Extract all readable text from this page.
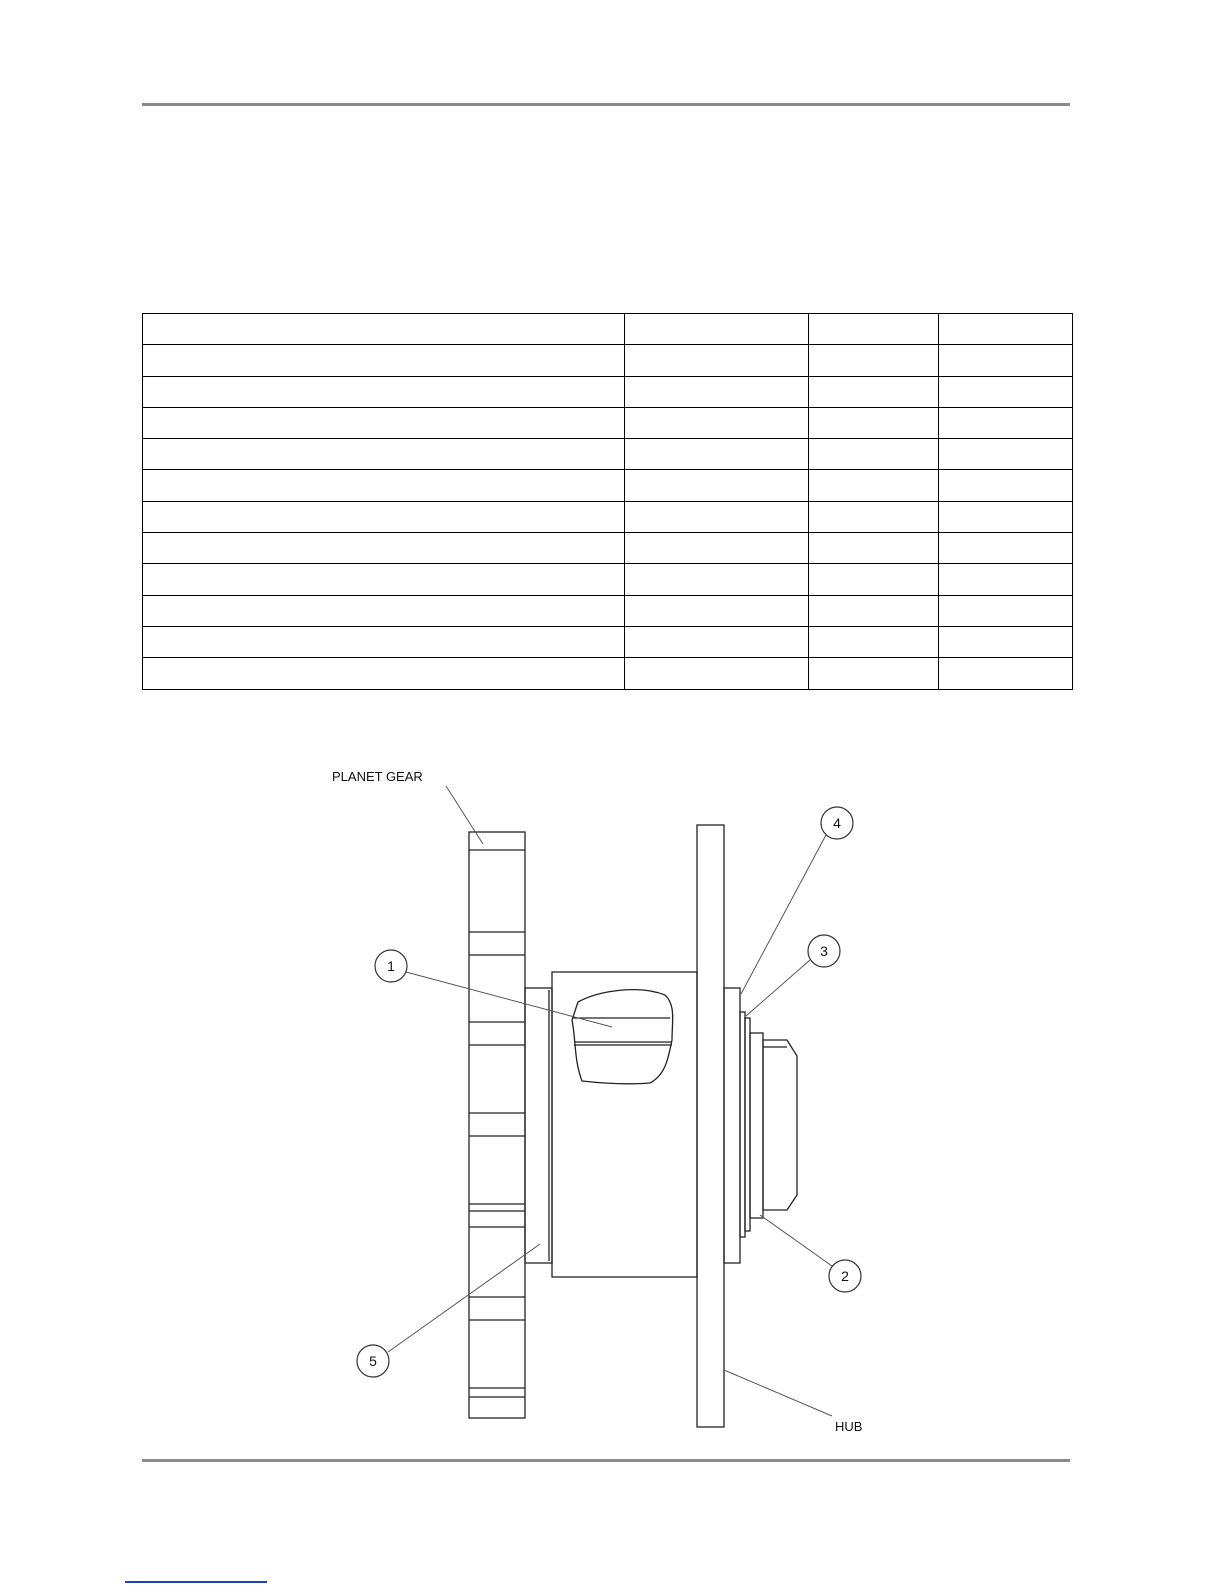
1
2
3
4
5
PLANET GEAR
HUB
